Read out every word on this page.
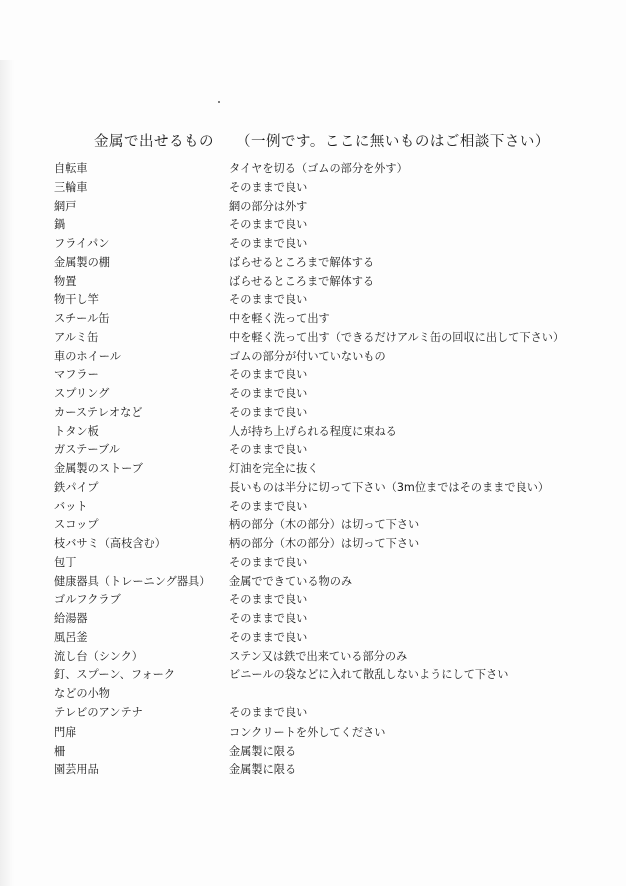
金属で出せるもの （一例です。ここに無いものはご相談下さい）
自転車	タイヤを切る（ゴムの部分を外す）
三輪車	そのままで良い
網戸	網の部分は外す
鍋	そのままで良い
フライパン	そのままで良い
金属製の棚	ばらせるところまで解体する
物置	ばらせるところまで解体する
物干し竿	そのままで良い
スチール缶	中を軽く洗って出す
アルミ缶	中を軽く洗って出す（できるだけアルミ缶の回収に出して下さい）
車のホイール	ゴムの部分が付いていないもの
マフラー	そのままで良い
スプリング	そのままで良い
カーステレオなど	そのままで良い
トタン板	人が持ち上げられる程度に束ねる
ガステーブル	そのままで良い
金属製のストーブ	灯油を完全に抜く
鉄パイプ	長いものは半分に切って下さい（3m位まではそのままで良い）
バット	そのままで良い
スコップ	柄の部分（木の部分）は切って下さい
枝バサミ（高枝含む）	柄の部分（木の部分）は切って下さい
包丁	そのままで良い
健康器具（トレーニング器具）	金属でできている物のみ
ゴルフクラブ	そのままで良い
給湯器	そのままで良い
風呂釜	そのままで良い
流し台（シンク）	ステン又は鉄で出来ている部分のみ
釘、スプーン、フォーク	ビニールの袋などに入れて散乱しないようにして下さい
などの小物
テレビのアンテナ	そのままで良い
門扉	コンクリートを外してください
柵	金属製に限る
園芸用品	金属製に限る
